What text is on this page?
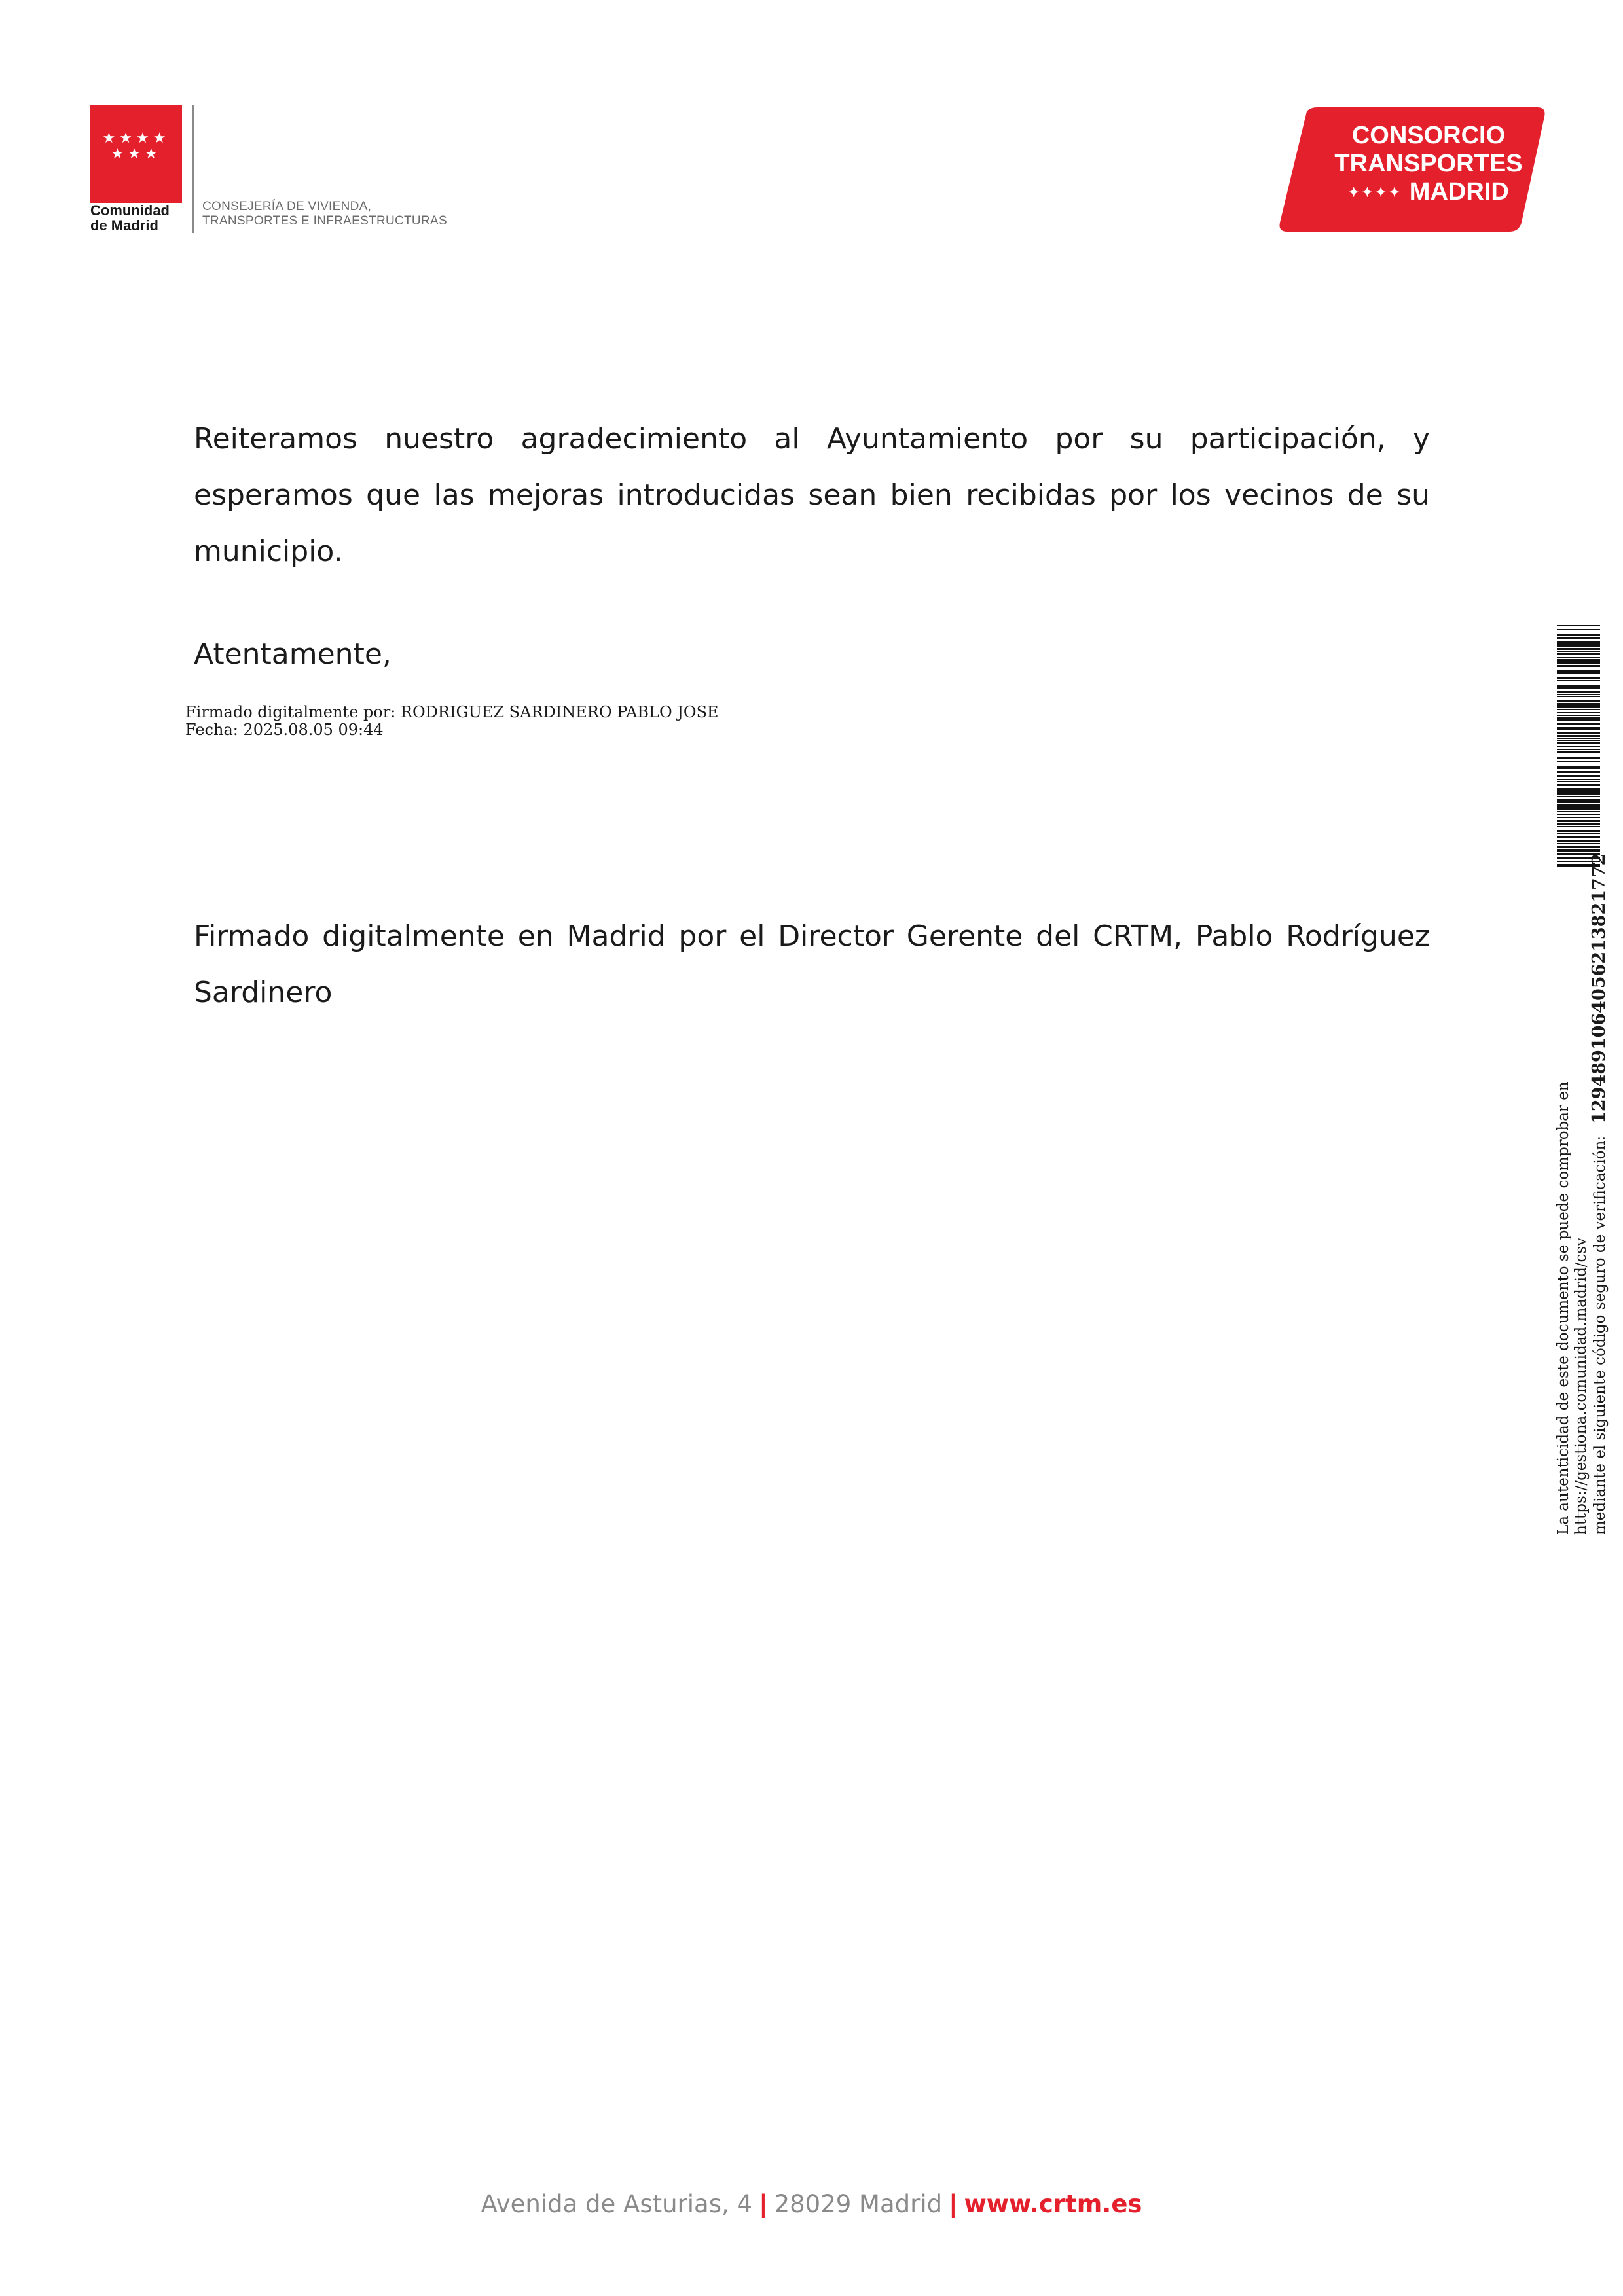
★★★★
★★★
Comunidad
de Madrid
CONSEJERÍA DE VIVIENDA,
TRANSPORTES E INFRAESTRUCTURAS
CONSORCIO
TRANSPORTES
✦✦✦✦ MADRID
Reiteramos nuestro agradecimiento al Ayuntamiento por su participación, y esperamos que las mejoras introducidas sean bien recibidas por los vecinos de su municipio.
Atentamente,
Firmado digitalmente por: RODRIGUEZ SARDINERO PABLO JOSE
Fecha: 2025.08.05 09:44
Firmado digitalmente en Madrid por el Director Gerente del CRTM, Pablo Rodríguez Sardinero
La autenticidad de este documento se puede comprobar en https://gestiona.comunidad.madrid/csv mediante el siguiente código seguro de verificación:1294891064056213821772
Avenida de Asturias, 4 | 28029 Madrid | www.crtm.es
